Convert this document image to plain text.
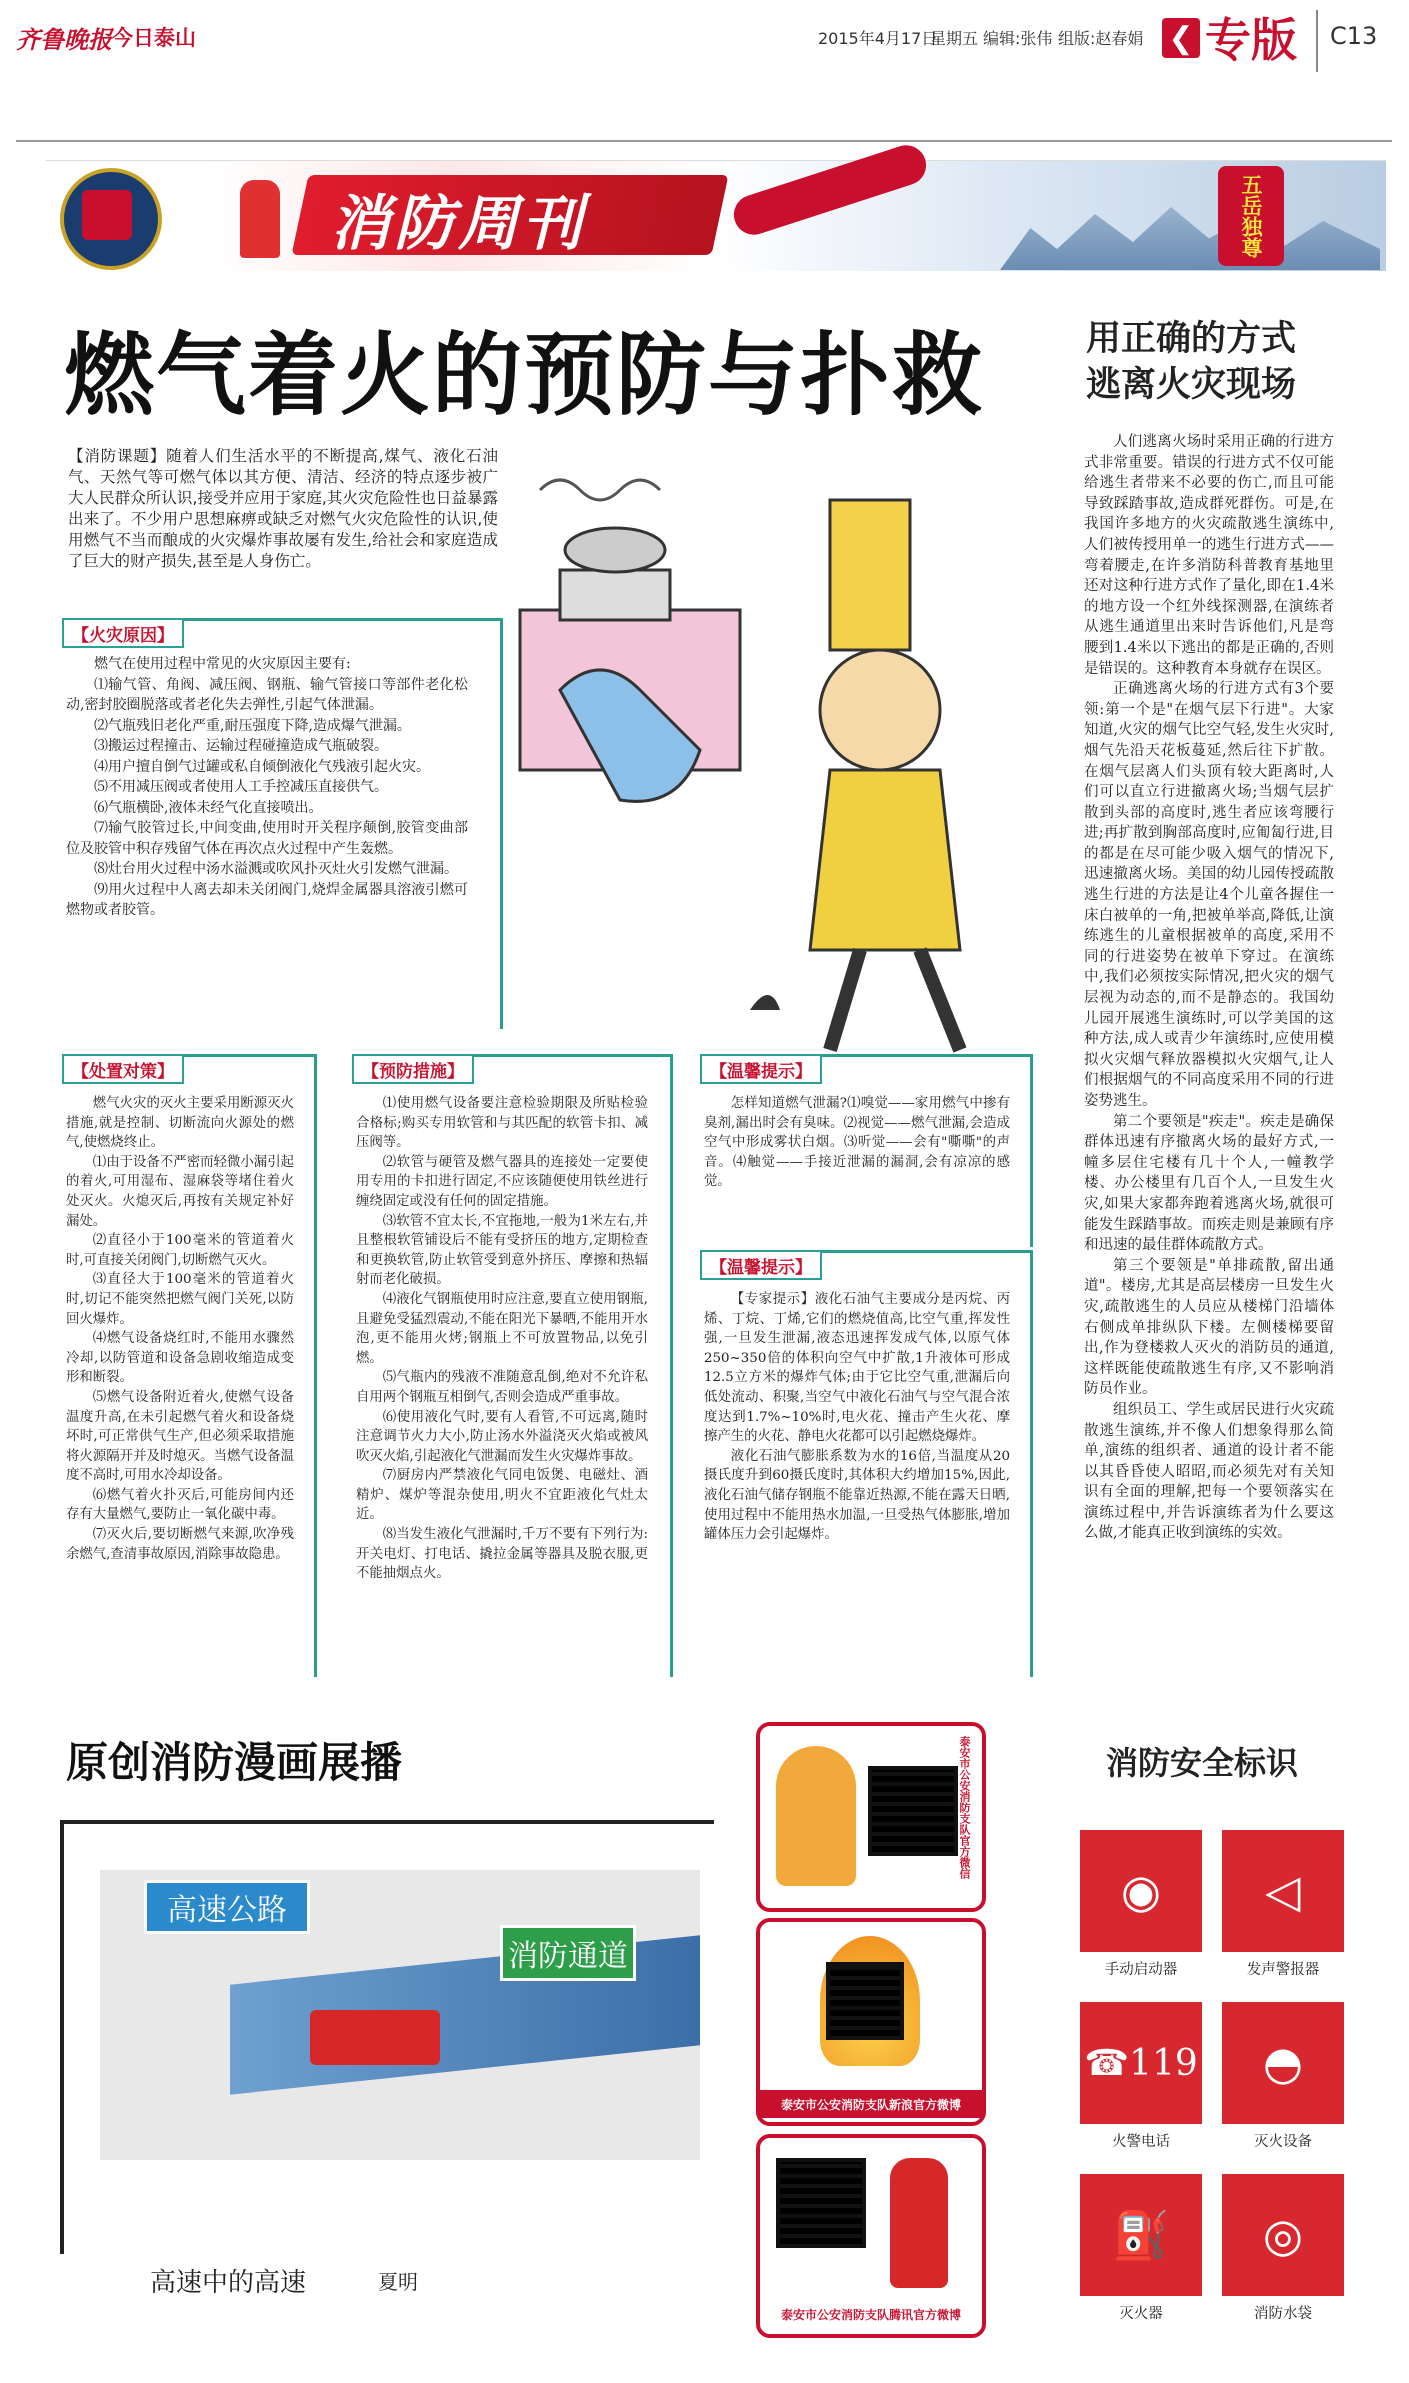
齐鲁晚报 今日泰山	2015年4月17日
星期五 编辑:张伟 组版:赵春娟 ❮ 专版 C13
消防周刊	五岳独尊
燃气着火的预防与扑救
【消防课题】随着人们生活水平的不断提高,煤气、液化石油气、天然气等可燃气体以其方便、清洁、经济的特点逐步被广大人民群众所认识,接受并应用于家庭,其火灾危险性也日益暴露出来了。不少用户思想麻痹或缺乏对燃气火灾危险性的认识,使用燃气不当而酿成的火灾爆炸事故屡有发生,给社会和家庭造成了巨大的财产损失,甚至是人身伤亡。
【火灾原因】

燃气在使用过程中常见的火灾原因主要有:

⑴输气管、角阀、减压阀、钢瓶、输气管接口等部件老化松动,密封胶圈脱落或者老化失去弹性,引起气体泄漏。

⑵气瓶残旧老化严重,耐压强度下降,造成爆气泄漏。

⑶搬运过程撞击、运输过程碰撞造成气瓶破裂。

⑷用户擅自倒气过罐或私自倾倒液化气残液引起火灾。

⑸不用减压阀或者使用人工手控减压直接供气。

⑹气瓶横卧,液体未经气化直接喷出。

⑺输气胶管过长,中间变曲,使用时开关程序颠倒,胶管变曲部位及胶管中积存残留气体在再次点火过程中产生轰燃。

⑻灶台用火过程中汤水溢溅或吹风扑灭灶火引发燃气泄漏。

⑼用火过程中人离去却未关闭阀门,烧焊金属器具溶液引燃可燃物或者胶管。

【处置对策】

燃气火灾的灭火主要采用断源灭火措施,就是控制、切断流向火源处的燃气,使燃烧终止。

⑴由于设备不严密而轻微小漏引起的着火,可用湿布、湿麻袋等堵住着火处灭火。火熄灭后,再按有关规定补好漏处。

⑵直径小于100毫米的管道着火时,可直接关闭阀门,切断燃气灭火。

⑶直径大于100毫米的管道着火时,切记不能突然把燃气阀门关死,以防回火爆炸。

⑷燃气设备烧红时,不能用水骤然冷却,以防管道和设备急剧收缩造成变形和断裂。

⑸燃气设备附近着火,使燃气设备温度升高,在未引起燃气着火和设备烧坏时,可正常供气生产,但必须采取措施将火源隔开并及时熄灭。当燃气设备温度不高时,可用水冷却设备。

⑹燃气着火扑灭后,可能房间内还存有大量燃气,要防止一氧化碳中毒。

⑺灭火后,要切断燃气来源,吹净残余燃气,查清事故原因,消除事故隐患。

【预防措施】

⑴使用燃气设备要注意检验期限及所贴检验合格标;购买专用软管和与其匹配的软管卡扣、减压阀等。

⑵软管与硬管及燃气器具的连接处一定要使用专用的卡扣进行固定,不应该随便使用铁丝进行缠绕固定或没有任何的固定措施。

⑶软管不宜太长,不宜拖地,一般为1米左右,并且整根软管铺设后不能有受挤压的地方,定期检查和更换软管,防止软管受到意外挤压、摩擦和热辐射而老化破损。

⑷液化气钢瓶使用时应注意,要直立使用钢瓶,且避免受猛烈震动,不能在阳光下暴晒,不能用开水泡,更不能用火烤;钢瓶上不可放置物品,以免引燃。

⑸气瓶内的残液不准随意乱倒,绝对不允许私自用两个钢瓶互相倒气,否则会造成严重事故。

⑹使用液化气时,要有人看管,不可远离,随时注意调节火力大小,防止汤水外溢浇灭火焰或被风吹灭火焰,引起液化气泄漏而发生火灾爆炸事故。

⑺厨房内严禁液化气同电饭煲、电磁灶、酒精炉、煤炉等混杂使用,明火不宜距液化气灶太近。

⑻当发生液化气泄漏时,千万不要有下列行为:开关电灯、打电话、撬拉金属等器具及脱衣服,更不能抽烟点火。

【温馨提示】

怎样知道燃气泄漏?⑴嗅觉——家用燃气中掺有臭剂,漏出时会有臭味。⑵视觉——燃气泄漏,会造成空气中形成雾状白烟。⑶听觉——会有"嘶嘶"的声音。⑷触觉——手接近泄漏的漏洞,会有凉凉的感觉。

【温馨提示】

【专家提示】液化石油气主要成分是丙烷、丙烯、丁烷、丁烯,它们的燃烧值高,比空气重,挥发性强,一旦发生泄漏,液态迅速挥发成气体,以原气体250~350倍的体积向空气中扩散,1升液体可形成12.5立方米的爆炸气体;由于它比空气重,泄漏后向低处流动、积聚,当空气中液化石油气与空气混合浓度达到1.7%~10%时,电火花、撞击产生火花、摩擦产生的火花、静电火花都可以引起燃烧爆炸。

液化石油气膨胀系数为水的16倍,当温度从20摄氏度升到60摄氏度时,其体积大约增加15%,因此,液化石油气储存钢瓶不能靠近热源,不能在露天日晒,使用过程中不能用热水加温,一旦受热气体膨胀,增加罐体压力会引起爆炸。

用正确的方式
逃离火灾现场

人们逃离火场时采用正确的行进方式非常重要。错误的行进方式不仅可能给逃生者带来不必要的伤亡,而且可能导致踩踏事故,造成群死群伤。可是,在我国许多地方的火灾疏散逃生演练中,人们被传授用单一的逃生行进方式——弯着腰走,在许多消防科普教育基地里还对这种行进方式作了量化,即在1.4米的地方设一个红外线探测器,在演练者从逃生通道里出来时告诉他们,凡是弯腰到1.4米以下逃出的都是正确的,否则是错误的。这种教育本身就存在误区。

正确逃离火场的行进方式有3个要领:第一个是"在烟气层下行进"。大家知道,火灾的烟气比空气轻,发生火灾时,烟气先沿天花板蔓延,然后往下扩散。在烟气层离人们头顶有较大距离时,人们可以直立行进撤离火场;当烟气层扩散到头部的高度时,逃生者应该弯腰行进;再扩散到胸部高度时,应匍匐行进,目的都是在尽可能少吸入烟气的情况下,迅速撤离火场。美国的幼儿园传授疏散逃生行进的方法是让4个儿童各握住一床白被单的一角,把被单举高,降低,让演练逃生的儿童根据被单的高度,采用不同的行进姿势在被单下穿过。在演练中,我们必须按实际情况,把火灾的烟气层视为动态的,而不是静态的。我国幼儿园开展逃生演练时,可以学美国的这种方法,成人或青少年演练时,应使用模拟火灾烟气释放器模拟火灾烟气,让人们根据烟气的不同高度采用不同的行进姿势逃生。

第二个要领是"疾走"。疾走是确保群体迅速有序撤离火场的最好方式,一幢多层住宅楼有几十个人,一幢教学楼、办公楼里有几百个人,一旦发生火灾,如果大家都奔跑着逃离火场,就很可能发生踩踏事故。而疾走则是兼顾有序和迅速的最佳群体疏散方式。

第三个要领是"单排疏散,留出通道"。楼房,尤其是高层楼房一旦发生火灾,疏散逃生的人员应从楼梯门沿墙体右侧成单排纵队下楼。左侧楼梯要留出,作为登楼救人灭火的消防员的通道,这样既能使疏散逃生有序,又不影响消防员作业。

组织员工、学生或居民进行火灾疏散逃生演练,并不像人们想象得那么简单,演练的组织者、通道的设计者不能以其昏昏使人昭昭,而必须先对有关知识有全面的理解,把每一个要领落实在演练过程中,并告诉演练者为什么要这么做,才能真正收到演练的实效。

原创消防漫画展播
高速公路
消防通道
高速中的高速	夏明
泰安市公安消防支队官方微信
泰安市公安消防支队新浪官方微博
泰安市公安消防支队腾讯官方微博
消防安全标识
◉
手动启动器
◁
发声警报器
☎119
火警电话
◓
灭火设备
⛽
灭火器
◎
消防水袋
